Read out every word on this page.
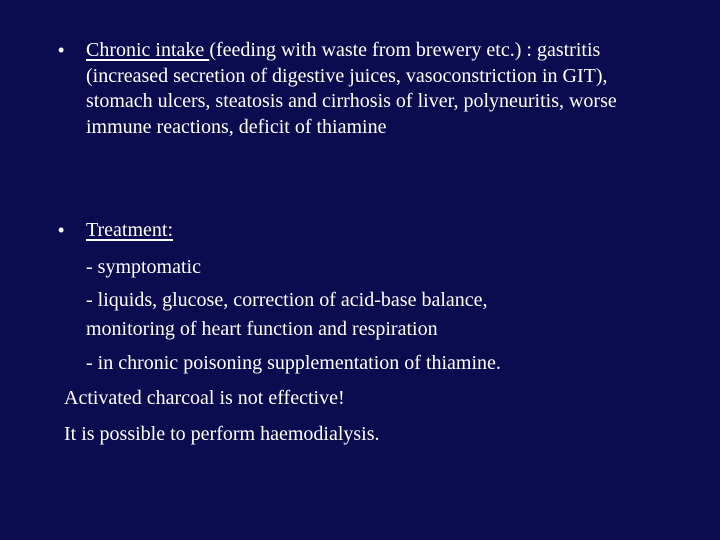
• Chronic intake (feeding with waste from brewery etc.) : gastritis (increased secretion of digestive juices, vasoconstriction in GIT), stomach ulcers, steatosis and cirrhosis of liver, polyneuritis, worse immune reactions, deficit of thiamine
• Treatment:
- symptomatic
- liquids, glucose, correction of acid-base balance,
monitoring of heart function and respiration
- in chronic poisoning supplementation of thiamine.
Activated charcoal is not effective!
It is possible to perform haemodialysis.
